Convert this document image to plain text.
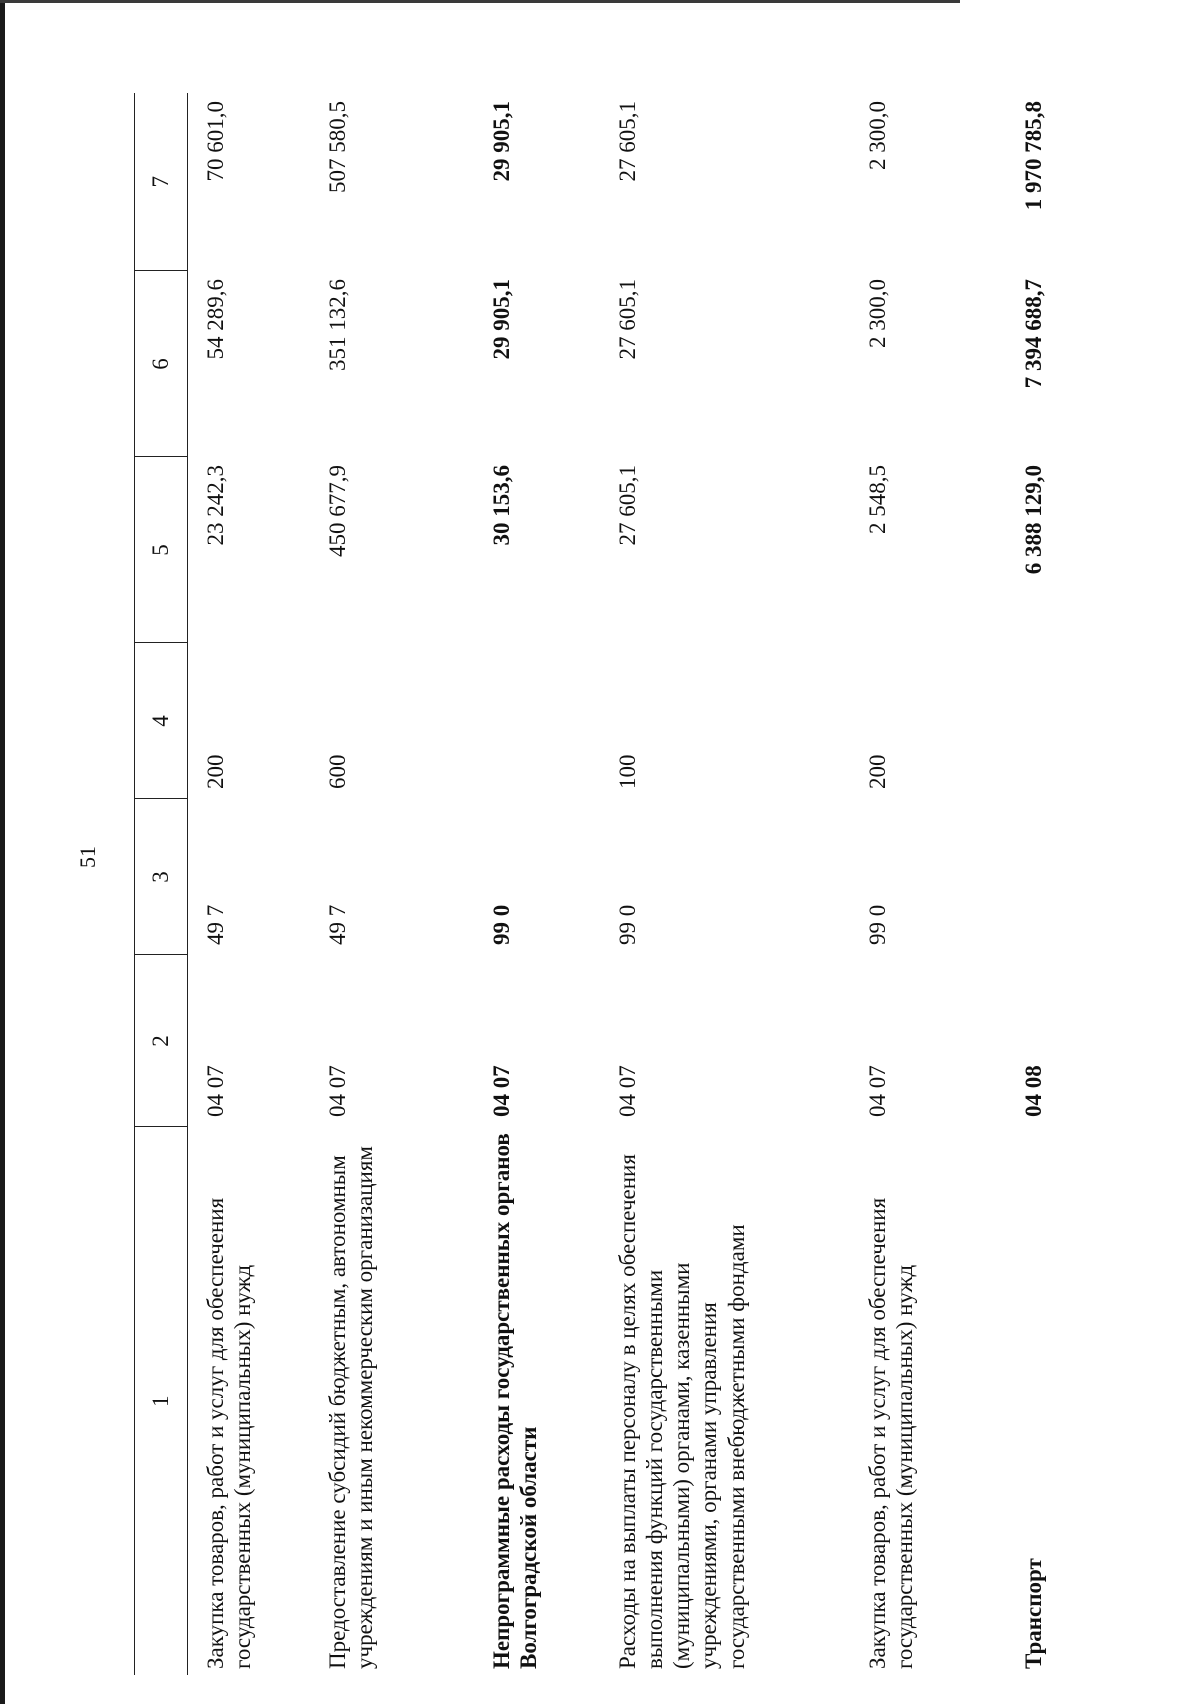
51
1	2	3	4	5	6	7
Закупка товаров, работ и услуг для обеспечения государственных (муниципальных) нужд	04 07	49 7	200	23 242,3	54 289,6	70 601,0
Предоставление субсидий бюджетным, автономным учреждениям и иным некоммерческим организациям	04 07	49 7	600	450 677,9	351 132,6	507 580,5
Непрограммные расходы государственных органов Волгоградской области	04 07	99 0		30 153,6	29 905,1	29 905,1
Расходы на выплаты персоналу в целях обеспечения выполнения функций государственными (муниципальными) органами, казенными учреждениями, органами управления государственными внебюджетными фондами	04 07	99 0	100	27 605,1	27 605,1	27 605,1
Закупка товаров, работ и услуг для обеспечения государственных (муниципальных) нужд	04 07	99 0	200	2 548,5	2 300,0	2 300,0
Транспорт	04 08			6 388 129,0	7 394 688,7	1 970 785,8
